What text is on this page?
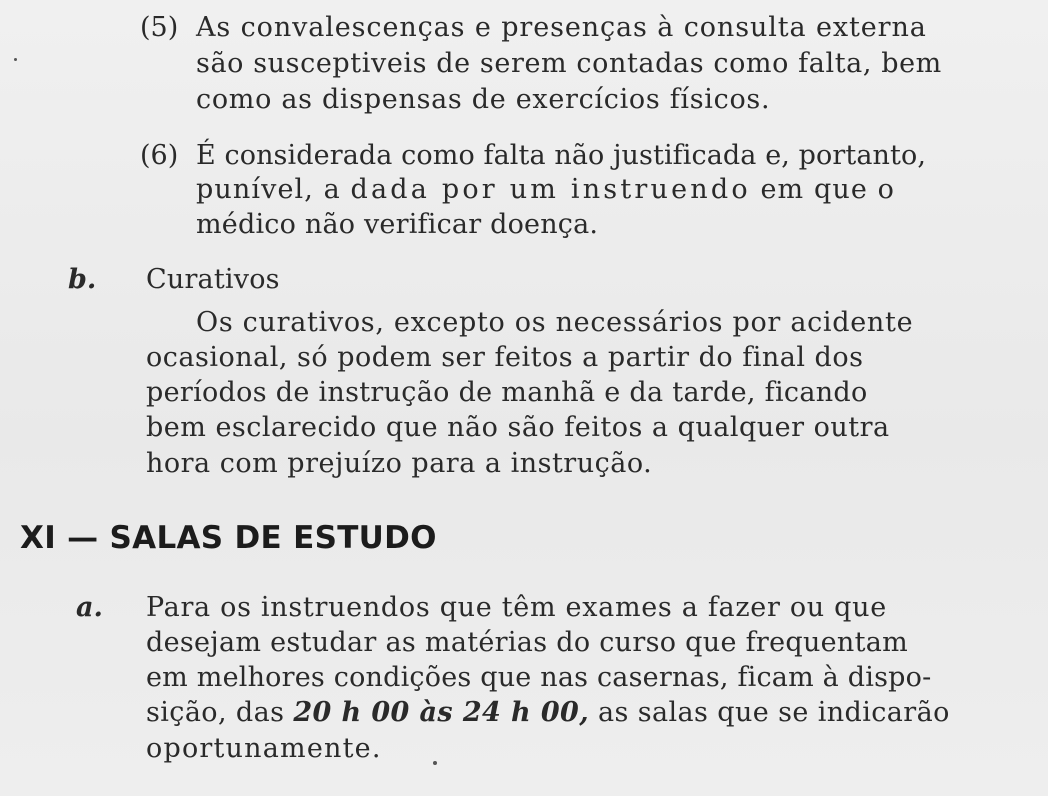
(5) As convalescenças e presenças à consulta externa
são susceptiveis de serem contadas como falta, bem
como as dispensas de exercícios físicos.
(6) É considerada como falta não justificada e, portanto,
punível, a dada por um instruendo em que o
médico não verificar doença.
b. Curativos
Os curativos, excepto os necessários por acidente
ocasional, só podem ser feitos a partir do final dos
períodos de instrução de manhã e da tarde, ficando
bem esclarecido que não são feitos a qualquer outra
hora com prejuízo para a instrução.
XI — SALAS DE ESTUDO
a. Para os instruendos que têm exames a fazer ou que
desejam estudar as matérias do curso que frequentam
em melhores condições que nas casernas, ficam à dispo-
sição, das 20 h 00 às 24 h 00, as salas que se indicarão
oportunamente.
